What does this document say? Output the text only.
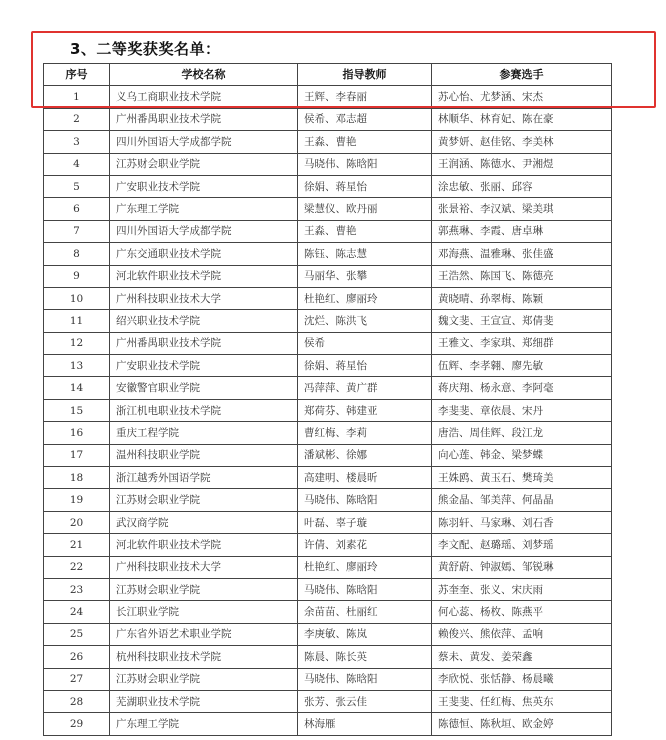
3、二等奖获奖名单：
序号	学校名称	指导教师	参赛选手
1	义乌工商职业技术学院	王辉、李春丽	苏心怡、尤梦涵、宋杰
2	广州番禺职业技术学院	侯希、邓志超	林顺华、林育妃、陈在豪
3	四川外国语大学成都学院	王淼、曹艳	黄梦妍、赵佳铭、李美林
4	江苏财会职业学院	马晓伟、陈晗阳	王润涵、陈德水、尹湘煜
5	广安职业技术学院	徐娟、蒋星怡	涂忠敏、张丽、邱容
6	广东理工学院	梁慧仪、欧丹丽	张景裕、李汉斌、梁美琪
7	四川外国语大学成都学院	王淼、曹艳	郭燕琳、李霞、唐卓琳
8	广东交通职业技术学院	陈钰、陈志慧	邓海燕、温雅琳、张佳盛
9	河北软件职业技术学院	马丽华、张攀	王浩然、陈国飞、陈德亮
10	广州科技职业技术大学	杜艳红、廖丽玲	黄晓晴、孙翠梅、陈颖
11	绍兴职业技术学院	沈烂、陈洪飞	魏文斐、王宣宣、郑倩斐
12	广州番禺职业技术学院	侯希	王雅文、李家琪、郑细群
13	广安职业技术学院	徐娟、蒋星怡	伍辉、李孝翱、廖先敏
14	安徽警官职业学院	冯萍萍、黄广群	蒋庆翔、杨永意、李阿毫
15	浙江机电职业技术学院	郑荷芬、韩建亚	李斐斐、章依晨、宋丹
16	重庆工程学院	曹红梅、李莉	唐浩、周佳辉、段江龙
17	温州科技职业学院	潘斌彬、徐娜	向心莲、韩金、梁梦蝶
18	浙江越秀外国语学院	高建明、楼晨昕	王姝鸥、黄玉石、樊琦美
19	江苏财会职业学院	马晓伟、陈晗阳	熊金晶、邹美萍、何晶晶
20	武汉商学院	叶磊、辜子璇	陈羽轩、马家琳、刘石香
21	河北软件职业技术学院	许倩、刘素花	李文配、赵璐瑶、刘梦瑶
22	广州科技职业技术大学	杜艳红、廖丽玲	黄舒蔚、钟淑嫣、邹锐琳
23	江苏财会职业学院	马晓伟、陈晗阳	苏奎奎、张义、宋庆雨
24	长江职业学院	余苗苗、杜丽红	何心蕊、杨枚、陈燕平
25	广东省外语艺术职业学院	李庚敏、陈岚	赖俊兴、熊依萍、孟响
26	杭州科技职业技术学院	陈晨、陈长英	蔡未、黄发、姜荣鑫
27	江苏财会职业学院	马晓伟、陈晗阳	李欣悦、张恬静、杨晨曦
28	芜湖职业技术学院	张芳、张云佳	王斐斐、任红梅、焦英东
29	广东理工学院	林海雁	陈德恒、陈秋垣、欧金婷
